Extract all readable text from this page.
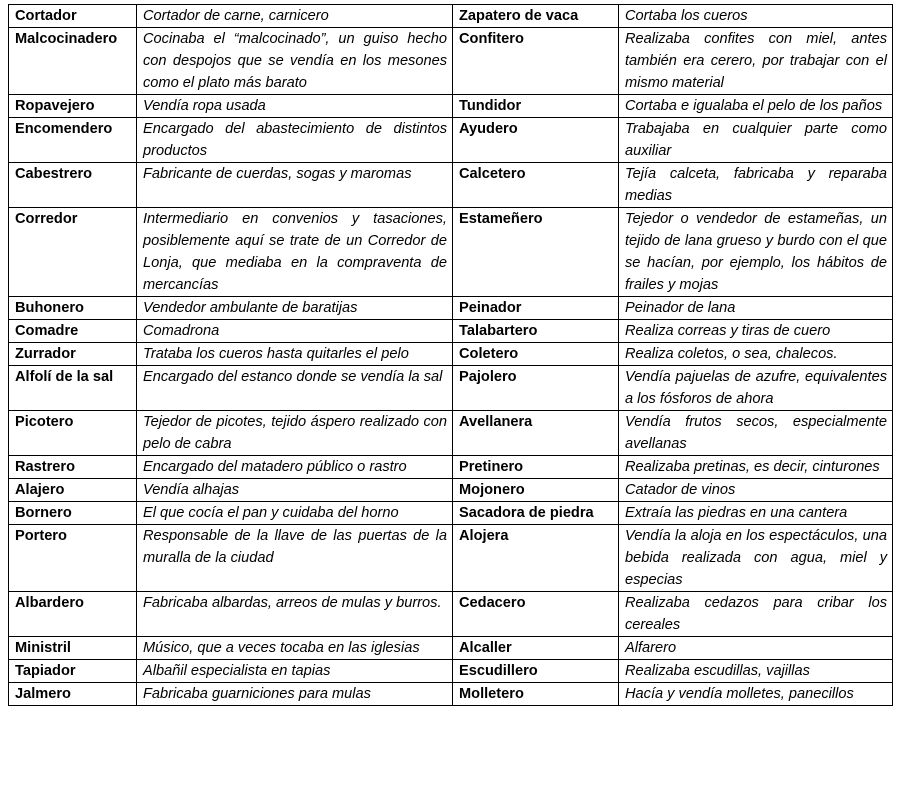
Cortador	Cortador de carne, carnicero	Zapatero de vaca	Cortaba los cueros
Malcocinadero	Cocinaba el “malcocinado”, un guiso hecho con despojos que se vendía en los mesones como el plato más barato	Confitero	Realizaba confites con miel, antes también era cerero, por trabajar con el mismo material
Ropavejero	Vendía ropa usada	Tundidor	Cortaba e igualaba el pelo de los paños
Encomendero	Encargado del abastecimiento de distintos productos	Ayudero	Trabajaba en cualquier parte como auxiliar
Cabestrero	Fabricante de cuerdas, sogas y maromas	Calcetero	Tejía calceta, fabricaba y reparaba medias
Corredor	Intermediario en convenios y tasaciones, posiblemente aquí se trate de un Corredor de Lonja, que mediaba en la compraventa de mercancías	Estameñero	Tejedor o vendedor de estameñas, un tejido de lana grueso y burdo con el que se hacían, por ejemplo, los hábitos de frailes y mojas
Buhonero	Vendedor ambulante de baratijas	Peinador	Peinador de lana
Comadre	Comadrona	Talabartero	Realiza correas y tiras de cuero
Zurrador	Trataba los cueros hasta quitarles el pelo	Coletero	Realiza coletos, o sea, chalecos.
Alfolí de la sal	Encargado del estanco donde se vendía la sal	Pajolero	Vendía pajuelas de azufre, equivalentes a los fósforos de ahora
Picotero	Tejedor de picotes, tejido áspero realizado con pelo de cabra	Avellanera	Vendía frutos secos, especialmente avellanas
Rastrero	Encargado del matadero público o rastro	Pretinero	Realizaba pretinas, es decir, cinturones
Alajero	Vendía alhajas	Mojonero	Catador de vinos
Bornero	El que cocía el pan y cuidaba del horno	Sacadora de piedra	Extraía las piedras en una cantera
Portero	Responsable de la llave de las puertas de la muralla de la ciudad	Alojera	Vendía la aloja en los espectáculos, una bebida realizada con agua, miel y especias
Albardero	Fabricaba albardas, arreos de mulas y burros.	Cedacero	Realizaba cedazos para cribar los cereales
Ministril	Músico, que a veces tocaba en las iglesias	Alcaller	Alfarero
Tapiador	Albañil especialista en tapias	Escudillero	Realizaba escudillas, vajillas
Jalmero	Fabricaba guarniciones para mulas	Molletero	Hacía y vendía molletes, panecillos
